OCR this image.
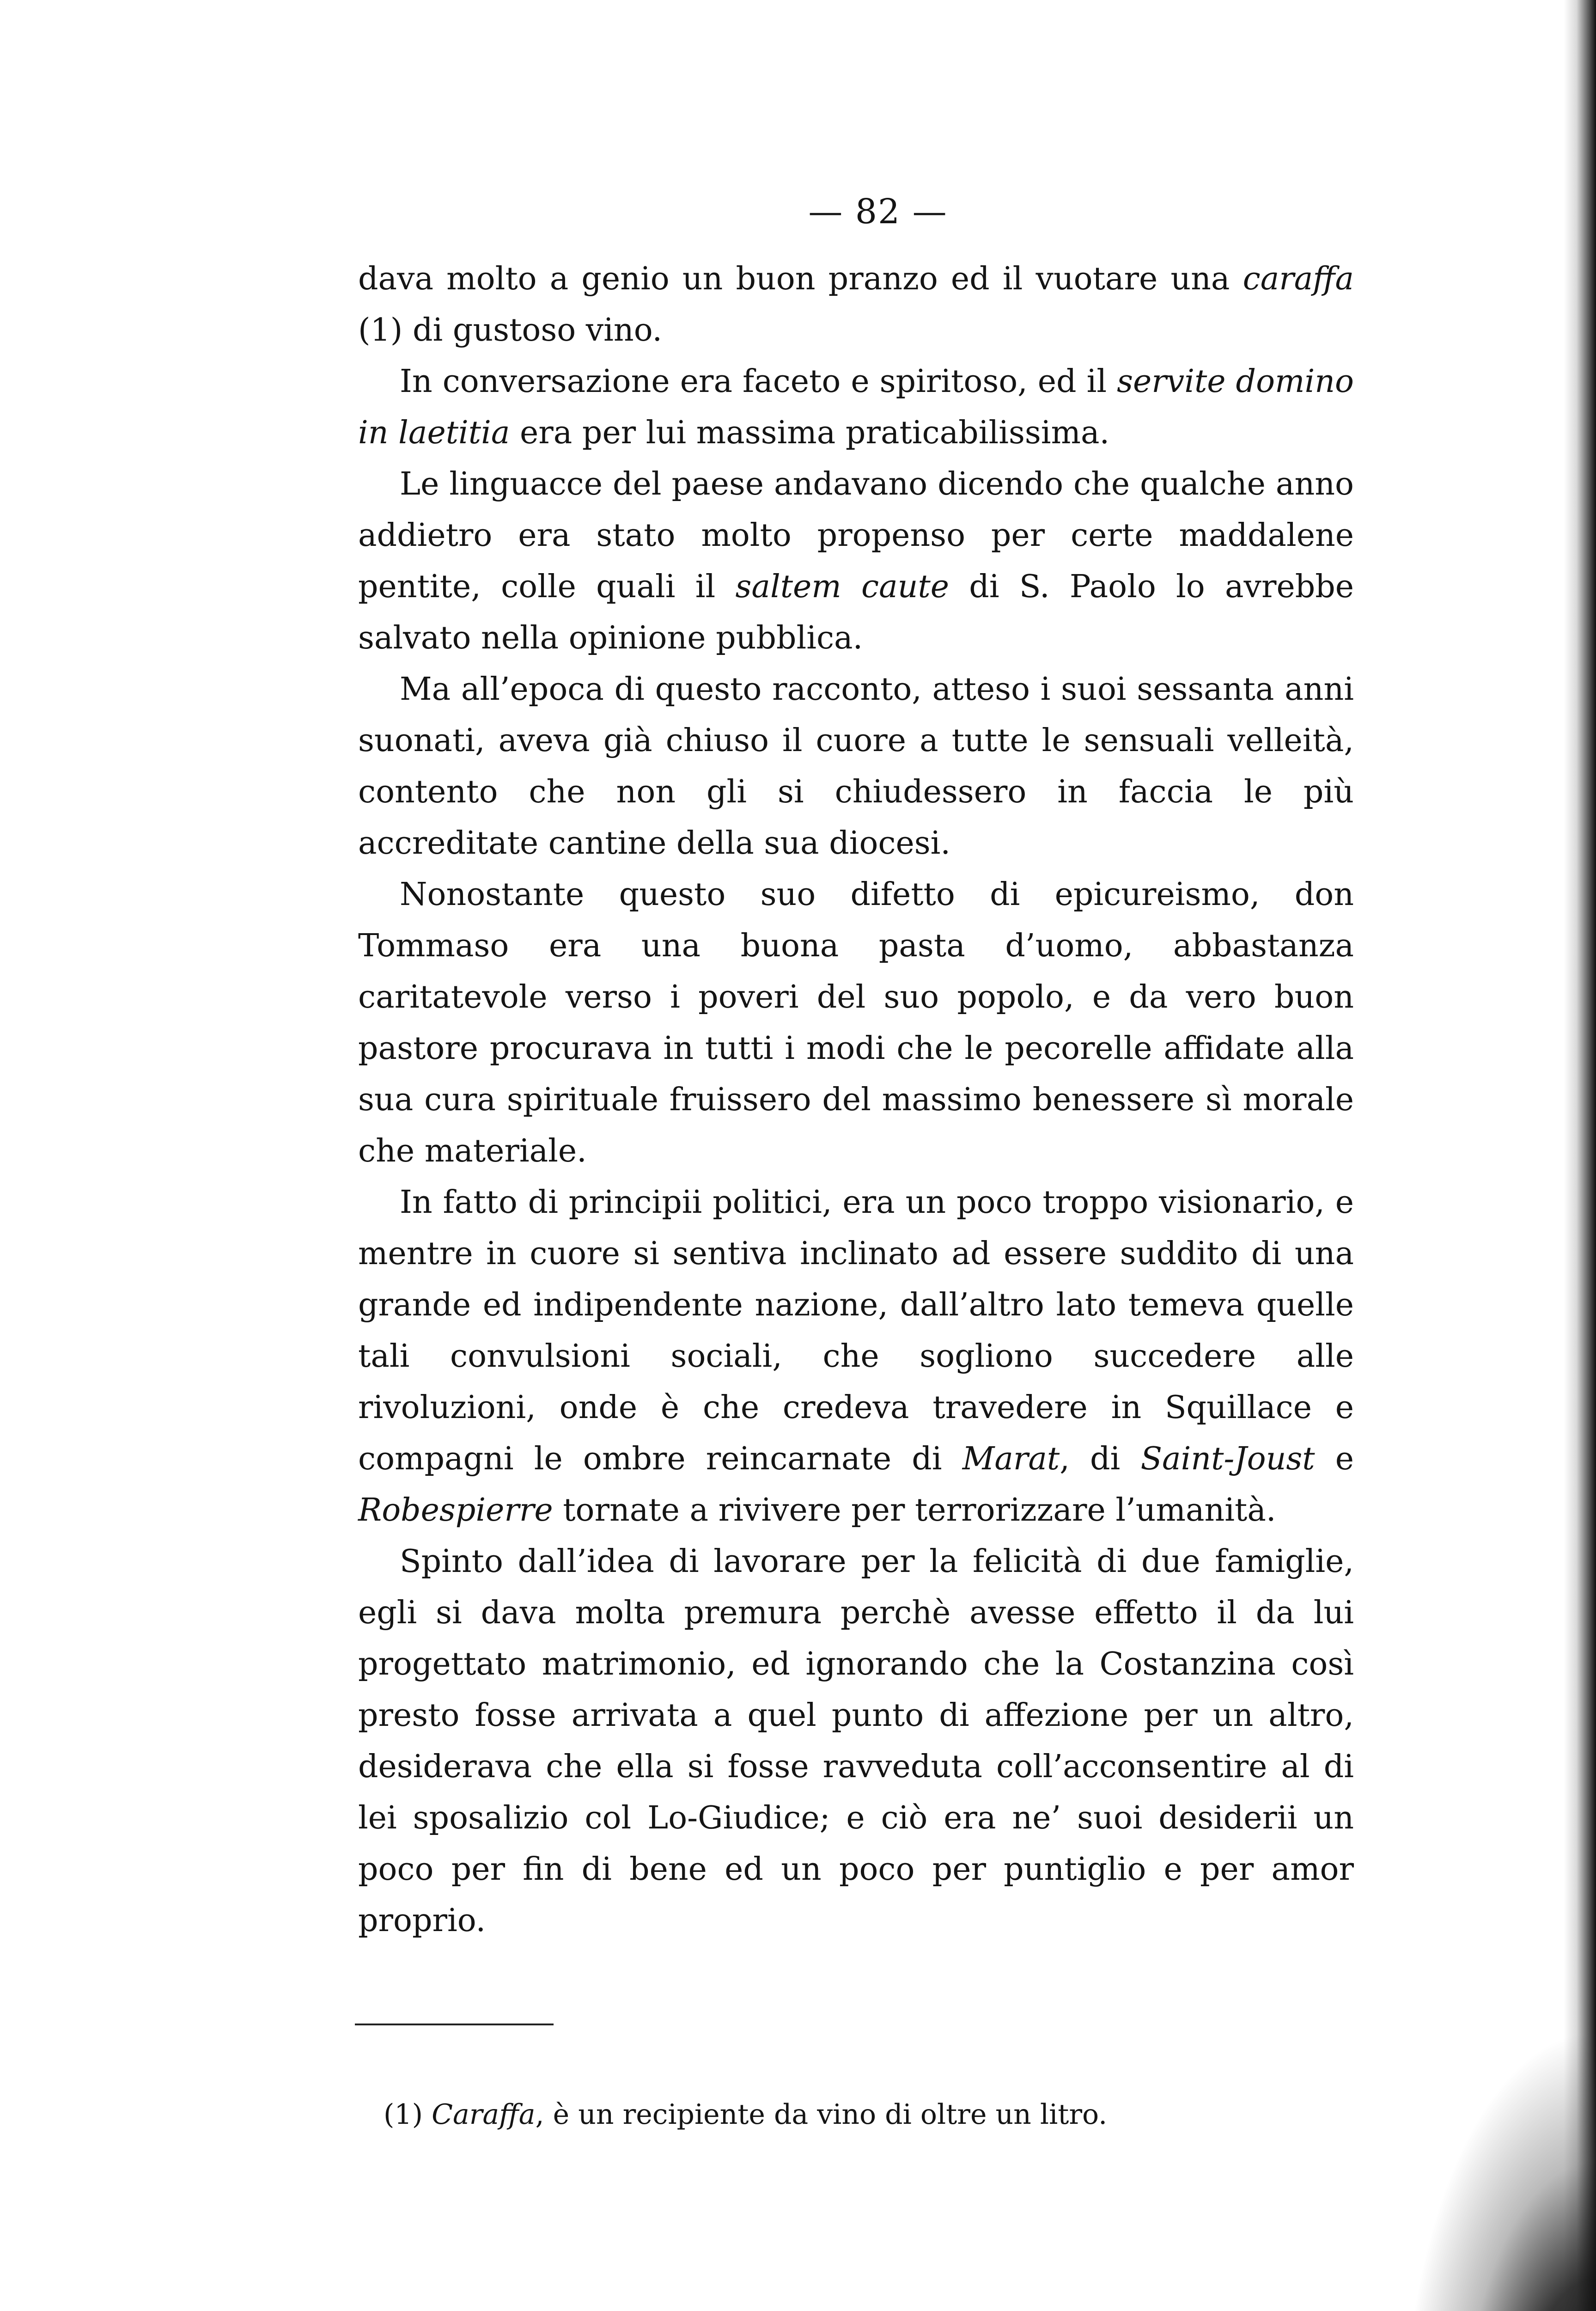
— 82 —

dava molto a genio un buon pranzo ed il vuotare una caraffa (1) di gustoso vino.

In conversazione era faceto e spiritoso, ed il servite domino in laetitia era per lui massima praticabilissima.

Le linguacce del paese andavano dicendo che qualche anno addietro era stato molto propenso per certe maddalene pentite, colle quali il saltem caute di S. Paolo lo avrebbe salvato nella opinione pubblica.

Ma all’epoca di questo racconto, atteso i suoi sessanta anni suonati, aveva già chiuso il cuore a tutte le sensuali velleità, contento che non gli si chiudessero in faccia le più accreditate cantine della sua diocesi.

Nonostante questo suo difetto di epicureismo, don Tommaso era una buona pasta d’uomo, abbastanza caritatevole verso i poveri del suo popolo, e da vero buon pastore procurava in tutti i modi che le pecorelle affidate alla sua cura spirituale fruissero del massimo benessere sì morale che materiale.

In fatto di principii politici, era un poco troppo visionario, e mentre in cuore si sentiva inclinato ad essere suddito di una grande ed indipendente nazione, dall’altro lato temeva quelle tali convulsioni sociali, che sogliono succedere alle rivoluzioni, onde è che credeva travedere in Squillace e compagni le ombre reincarnate di Marat, di Saint-Joust e Robespierre tornate a rivivere per terrorizzare l’umanità.

Spinto dall’idea di lavorare per la felicità di due famiglie, egli si dava molta premura perchè avesse effetto il da lui progettato matrimonio, ed ignorando che la Costanzina così presto fosse arrivata a quel punto di affezione per un altro, desiderava che ella si fosse ravveduta coll’acconsentire al di lei sposalizio col Lo-Giudice; e ciò era ne’ suoi desiderii un poco per fin di bene ed un poco per puntiglio e per amor proprio.

(1) Caraffa, è un recipiente da vino di oltre un litro.
